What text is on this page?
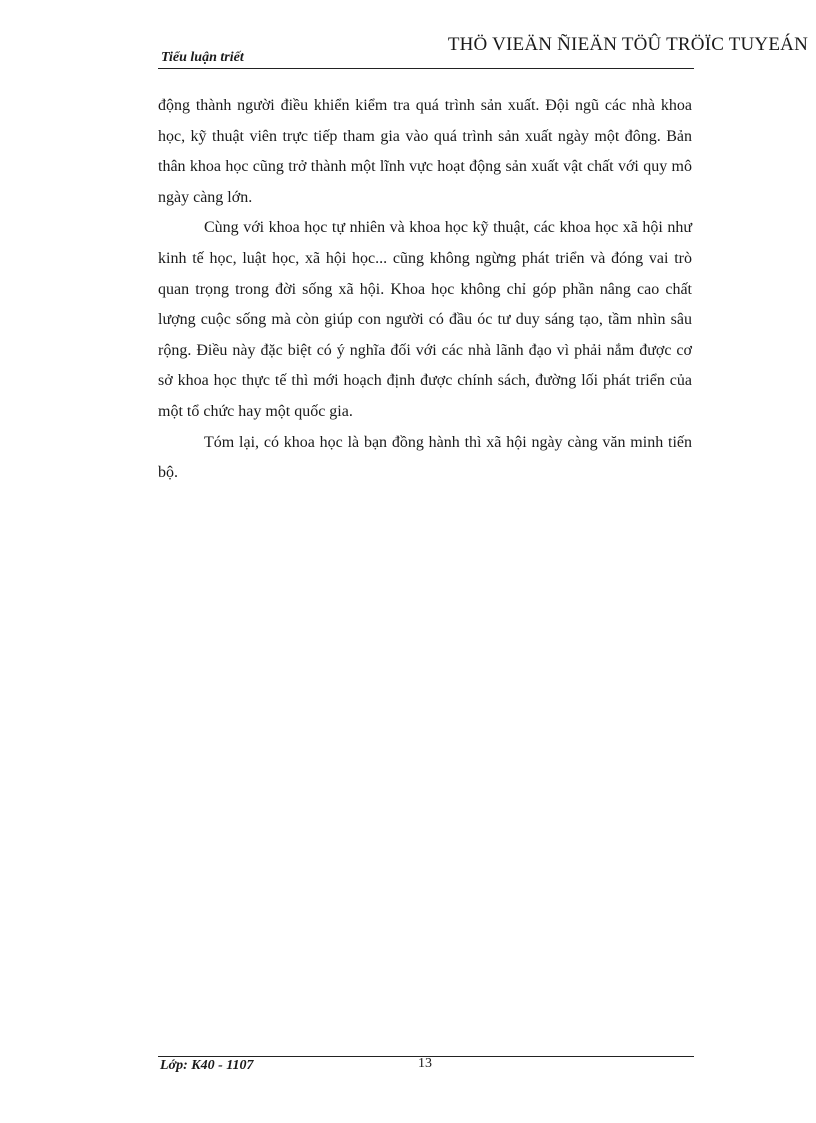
Tiểu luận triết
THÖ VIEÄN ÑIEÄN TÖÛ TRÖÏC TUYEÁN

động thành người điều khiển kiểm tra quá trình sản xuất. Đội ngũ các nhà khoa học, kỹ thuật viên trực tiếp tham gia vào quá trình sản xuất ngày một đông. Bản thân khoa học cũng trở thành một lĩnh vực hoạt động sản xuất vật chất với quy mô ngày càng lớn.

Cùng với khoa học tự nhiên và khoa học kỹ thuật, các khoa học xã hội như kinh tế học, luật học, xã hội học... cũng không ngừng phát triển và đóng vai trò quan trọng trong đời sống xã hội. Khoa học không chỉ góp phần nâng cao chất lượng cuộc sống mà còn giúp con người có đầu óc tư duy sáng tạo, tầm nhìn sâu rộng. Điều này đặc biệt có ý nghĩa đối với các nhà lãnh đạo vì phải nắm được cơ sở khoa học thực tế thì mới hoạch định được chính sách, đường lối phát triển của một tổ chức hay một quốc gia.

Tóm lại, có khoa học là bạn đồng hành thì xã hội ngày càng văn minh tiến bộ.

Lớp: K40 - 1107	13
